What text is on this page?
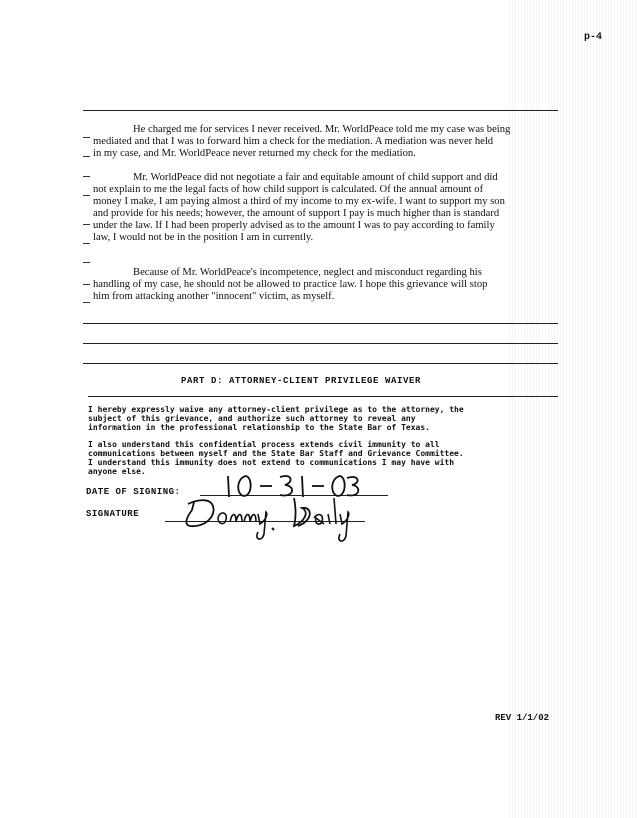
p-4
He charged me for services I never received. Mr. WorldPeace told me my case was being
mediated and that I was to forward him a check for the mediation. A mediation was never held
in my case, and Mr. WorldPeace never returned my check for the mediation.
Mr. WorldPeace did not negotiate a fair and equitable amount of child support and did
not explain to me the legal facts of how child support is calculated. Of the annual amount of
money I make, I am paying almost a third of my income to my ex-wife. I want to support my son
and provide for his needs; however, the amount of support I pay is much higher than is standard
under the law. If I had been properly advised as to the amount I was to pay according to family
law, I would not be in the position I am in currently.
Because of Mr. WorldPeace's incompetence, neglect and misconduct regarding his
handling of my case, he should not be allowed to practice law. I hope this grievance will stop
him from attacking another "innocent" victim, as myself.
PART D: ATTORNEY-CLIENT PRIVILEGE WAIVER
I hereby expressly waive any attorney-client privilege as to the attorney, the
subject of this grievance, and authorize such attorney to reveal any
information in the professional relationship to the State Bar of Texas.
I also understand this confidential process extends civil immunity to all
communications between myself and the State Bar Staff and Grievance Committee.
I understand this immunity does not extend to communications I may have with
anyone else.
DATE OF SIGNING:
SIGNATURE
REV 1/1/02
